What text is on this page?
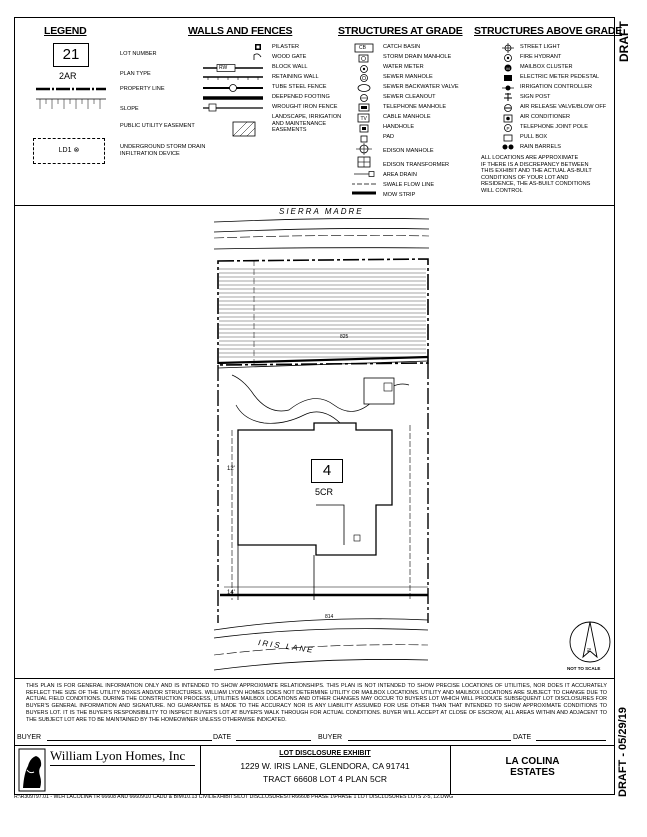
DRAFT
DRAFT - 05/29/19
LEGEND
21	LOT NUMBER
2AR	PLAN TYPE
PROPERTY LINE
SLOPE
PUBLIC UTILITY EASEMENT
LD1 ⊗	UNDERGROUND STORM DRAIN
INFILTRATION DEVICE
WALLS AND FENCES
RW
PILASTER
WOOD GATE
BLOCK WALL
RETAINING WALL
TUBE STEEL FENCE
DEEPENED FOOTING
WROUGHT IRON FENCE
LANDSCAPE, IRRIGATION
AND MAINTENANCE
EASEMENTS
STRUCTURES AT GRADE
CB
TV
CATCH BASIN
STORM DRAIN MANHOLE
WATER METER
SEWER MANHOLE
SEWER BACKWATER VALVE
SEWER CLEANOUT
TELEPHONE MANHOLE
CABLE MANHOLE
HANDHOLE
PAD
EDISON MANHOLE
EDISON TRANSFORMER
AREA DRAIN
SWALE FLOW LINE
MOW STRIP
STRUCTURES ABOVE GRADE
M
P
STREET LIGHT
FIRE HYDRANT
MAILBOX CLUSTER
ELECTRIC METER PEDESTAL
IRRIGATION CONTROLLER
SIGN POST
AIR RELEASE VALVE/BLOW OFF
AIR CONDITIONER
TELEPHONE JOINT POLE
PULL BOX
RAIN BARRELS
ALL LOCATIONS ARE APPROXIMATE
IF THERE IS A DISCREPANCY BETWEEN
THIS EXHIBIT AND THE ACTUAL AS-BUILT
CONDITIONS OF YOUR LOT AND
RESIDENCE, THE AS-BUILT CONDITIONS
WILL CONTROL
SIERRA MADRE
IRIS LANE
825
814
12'
14'
4
5CR
N
NOT TO SCALE
THIS PLAN IS FOR GENERAL INFORMATION ONLY AND IS INTENDED TO SHOW APPROXIMATE RELATIONSHIPS. THIS PLAN IS NOT INTENDED TO SHOW PRECISE LOCATIONS OF UTILITIES, NOR DOES IT ACCURATELY REFLECT THE SIZE OF THE UTILITY BOXES AND/OR STRUCTURES. WILLIAM LYON HOMES DOES NOT DETERMINE UTILITY OR MAILBOX LOCATIONS. UTILITY AND MAILBOX LOCATIONS ARE SUBJECT TO CHANGE DUE TO ACTUAL FIELD CONDITIONS. DURING THE CONSTRUCTION PROCESS, UTILITIES MAILBOX LOCATIONS AND OTHER CHANGES MAY OCCUR TO BUYERS LOT WHICH WILL PRODUCE SUBSEQUENT LOT DISCLOSURES FOR BUYER'S GENERAL INFORMATION AND SIGNATURE. NO GUARANTEE IS MADE TO THE ACCURACY NOR IS ANY LIABILITY ASSUMED FOR USE OTHER THAN THAT INTENDED TO SHOW APPROXIMATE CONDITIONS TO BUYERS LOT. IT IS THE BUYER'S RESPONSIBILITY TO INSPECT BUYER'S LOT AT BUYER'S WALK THROUGH FOR ACTUAL CONDITIONS. BUYER WILL ACCEPT AT CLOSE OF ESCROW, ALL AREAS WITHIN AND ADJACENT TO THE SUBJECT LOT ARE TO BE MAINTAINED BY THE HOMEOWNER UNLESS OTHERWISE INDICATED.
BUYER	DATE	BUYER	DATE
William Lyon Homes, Inc	LOT DISCLOSURE EXHIBIT
1229 W. IRIS LANE, GLENDORA, CA 91741
TRACT 66608 LOT 4 PLAN 5CR
LA COLINA
ESTATES
R:\R309797.01 - WLH LACOLINA TR 66608 AND 66609\10 CADD & BIM\10.13 CIVIL\EXHIBITS\LOT DISCLOSURES\TR66608 PHASE 1\PHASE 1 LOT DISCLOSURES LOTS 2-5, 12.DWG
